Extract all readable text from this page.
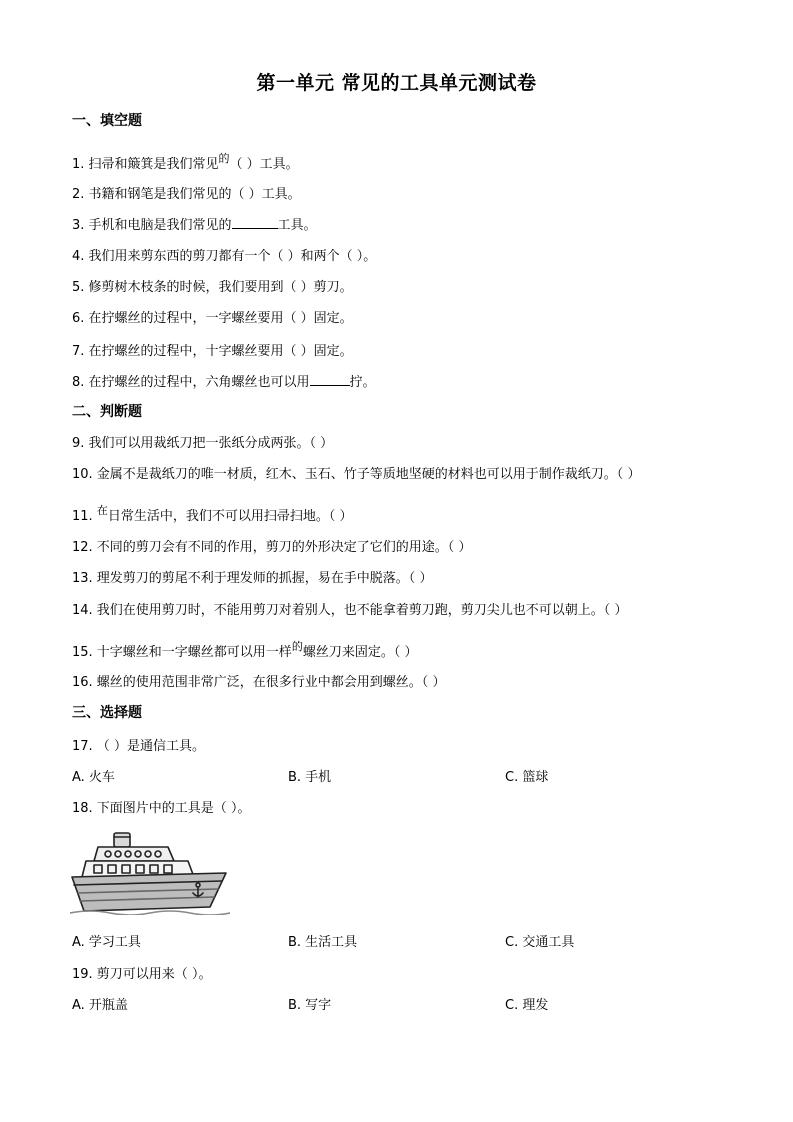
第一单元 常见的工具单元测试卷
一、填空题
1. 扫帚和簸箕是我们常见$^的$（ ）工具。
2. 书籍和钢笔是我们常见的（ ）工具。
3. 手机和电脑是我们常见的	工具。
4. 我们用来剪东西的剪刀都有一个（ ）和两个（ ）。
5. 修剪树木枝条的时候，我们要用到（ ）剪刀。
6. 在拧螺丝的过程中，一字螺丝要用（ ）固定。
7. 在拧螺丝的过程中，十字螺丝要用（ ）固定。
8. 在拧螺丝的过程中，六角螺丝也可以用	拧。
二、判断题
9. 我们可以用裁纸刀把一张纸分成两张。（ ）
10. 金属不是裁纸刀的唯一材质，红木、玉石、竹子等质地坚硬的材料也可以用于制作裁纸刀。（ ）
11. $^在$日常生活中，我们不可以用扫帚扫地。（ ）
12. 不同的剪刀会有不同的作用，剪刀的外形决定了它们的用途。（ ）
13. 理发剪刀的剪尾不利于理发师的抓握，易在手中脱落。（ ）
14. 我们在使用剪刀时，不能用剪刀对着别人，也不能拿着剪刀跑，剪刀尖儿也不可以朝上。（ ）
15. 十字螺丝和一字螺丝都可以用一样$^的$螺丝刀来固定。（ ）
16. 螺丝的使用范围非常广泛，在很多行业中都会用到螺丝。（ ）
三、选择题
17. （ ）是通信工具。
A. 火车	B. 手机	C. 篮球
18. 下面图片中的工具是（ ）。
A. 学习工具	B. 生活工具	C. 交通工具
19. 剪刀可以用来（ ）。
A. 开瓶盖	B. 写字	C. 理发
